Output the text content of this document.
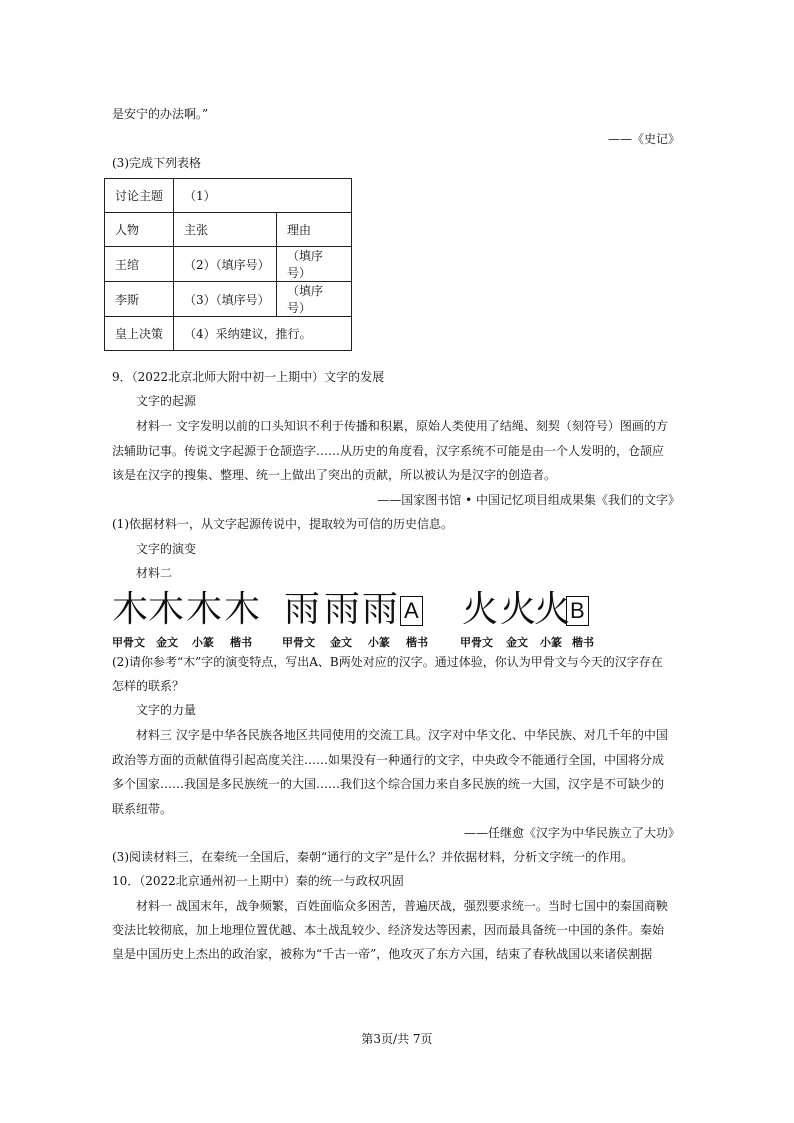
是安宁的办法啊。”
——《史记》
(3)完成下列表格
讨论主题	（1）	
人物	主张	理由
王绾	（2）（填序号）	（填序号）
李斯	（3）（填序号）	（填序号）
皇上决策	（4）采纳建议，推行。	
9．（2022北京北师大附中初一上期中）文字的发展
文字的起源
材料一 文字发明以前的口头知识不利于传播和积累，原始人类使用了结绳、刻契（刻符号）图画的方
法辅助记事。传说文字起源于仓颉造字……从历史的角度看，汉字系统不可能是由一个人发明的，仓颉应
该是在汉字的搜集、整理、统一上做出了突出的贡献，所以被认为是汉字的创造者。
——国家图书馆 • 中国记忆项目组成果集《我们的文字》
(1)依据材料一，从文字起源传说中，提取较为可信的历史信息。
文字的演变
材料二
木 木 木 木 雨 雨 雨 A 火 火
火 B
甲骨文 金文 小篆 楷书	甲骨文 金文 小篆 楷书	甲骨文 金文 小篆 楷书
(2)请你参考“木”字的演变特点，写出A、B两处对应的汉字。通过体验，你认为甲骨文与今天的汉字存在
怎样的联系？
文字的力量
材料三 汉字是中华各民族各地区共同使用的交流工具。汉字对中华文化、中华民族、对几千年的中国
政治等方面的贡献值得引起高度关注……如果没有一种通行的文字，中央政令不能通行全国，中国将分成
多个国家……我国是多民族统一的大国……我们这个综合国力来自多民族的统一大国，汉字是不可缺少的
联系纽带。
——任继愈《汉字为中华民族立了大功》
(3)阅读材料三，在秦统一全国后，秦朝“通行的文字”是什么？并依据材料，分析文字统一的作用。
10．（2022北京通州初一上期中）秦的统一与政权巩固
材料一 战国末年，战争频繁，百姓面临众多困苦，普遍厌战，强烈要求统一。当时七国中的秦国商鞅
变法比较彻底，加上地理位置优越、本土战乱较少、经济发达等因素，因而最具备统一中国的条件。秦始
皇是中国历史上杰出的政治家，被称为“千古一帝”，他攻灭了东方六国，结束了春秋战国以来诸侯割据
第3页/共 7页
